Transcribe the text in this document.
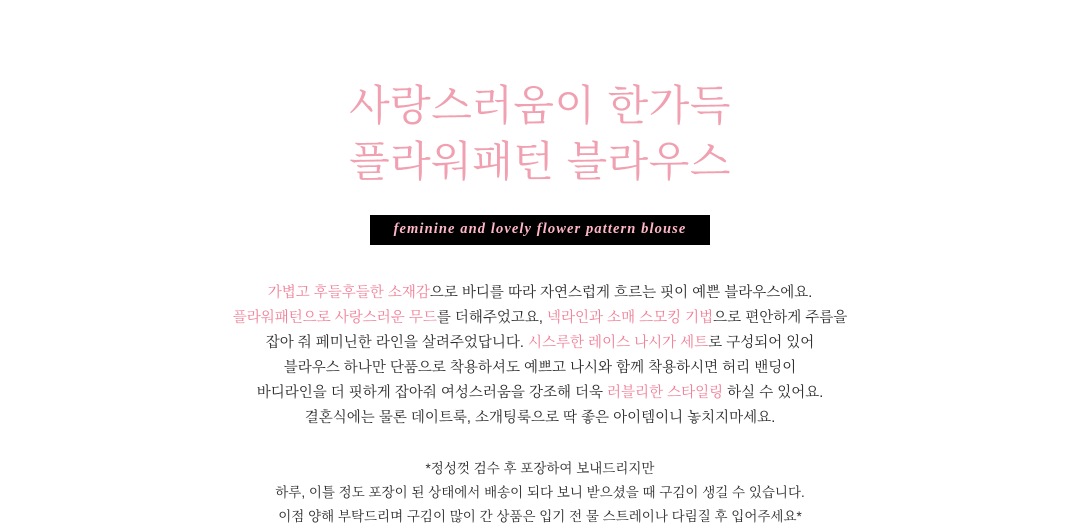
사랑스러움이 한가득
플라워패턴 블라우스
feminine and lovely flower pattern blouse
가볍고 후들후들한 소재감으로 바디를 따라 자연스럽게 흐르는 핏이 예쁜 블라우스에요.
플라워패턴으로 사랑스러운 무드를 더해주었고요, 넥라인과 소매 스모킹 기법으로 편안하게 주름을
잡아 줘 페미닌한 라인을 살려주었답니다. 시스루한 레이스 나시가 세트로 구성되어 있어
블라우스 하나만 단품으로 착용하셔도 예쁘고 나시와 함께 착용하시면 허리 밴딩이
바디라인을 더 핏하게 잡아줘 여성스러움을 강조해 더욱 러블리한 스타일링 하실 수 있어요.
결혼식에는 물론 데이트룩, 소개팅룩으로 딱 좋은 아이템이니 놓치지마세요.
*정성껏 검수 후 포장하여 보내드리지만
하루, 이틀 정도 포장이 된 상태에서 배송이 되다 보니 받으셨을 때 구김이 생길 수 있습니다.
이점 양해 부탁드리며 구김이 많이 간 상품은 입기 전 물 스트레이나 다림질 후 입어주세요*
